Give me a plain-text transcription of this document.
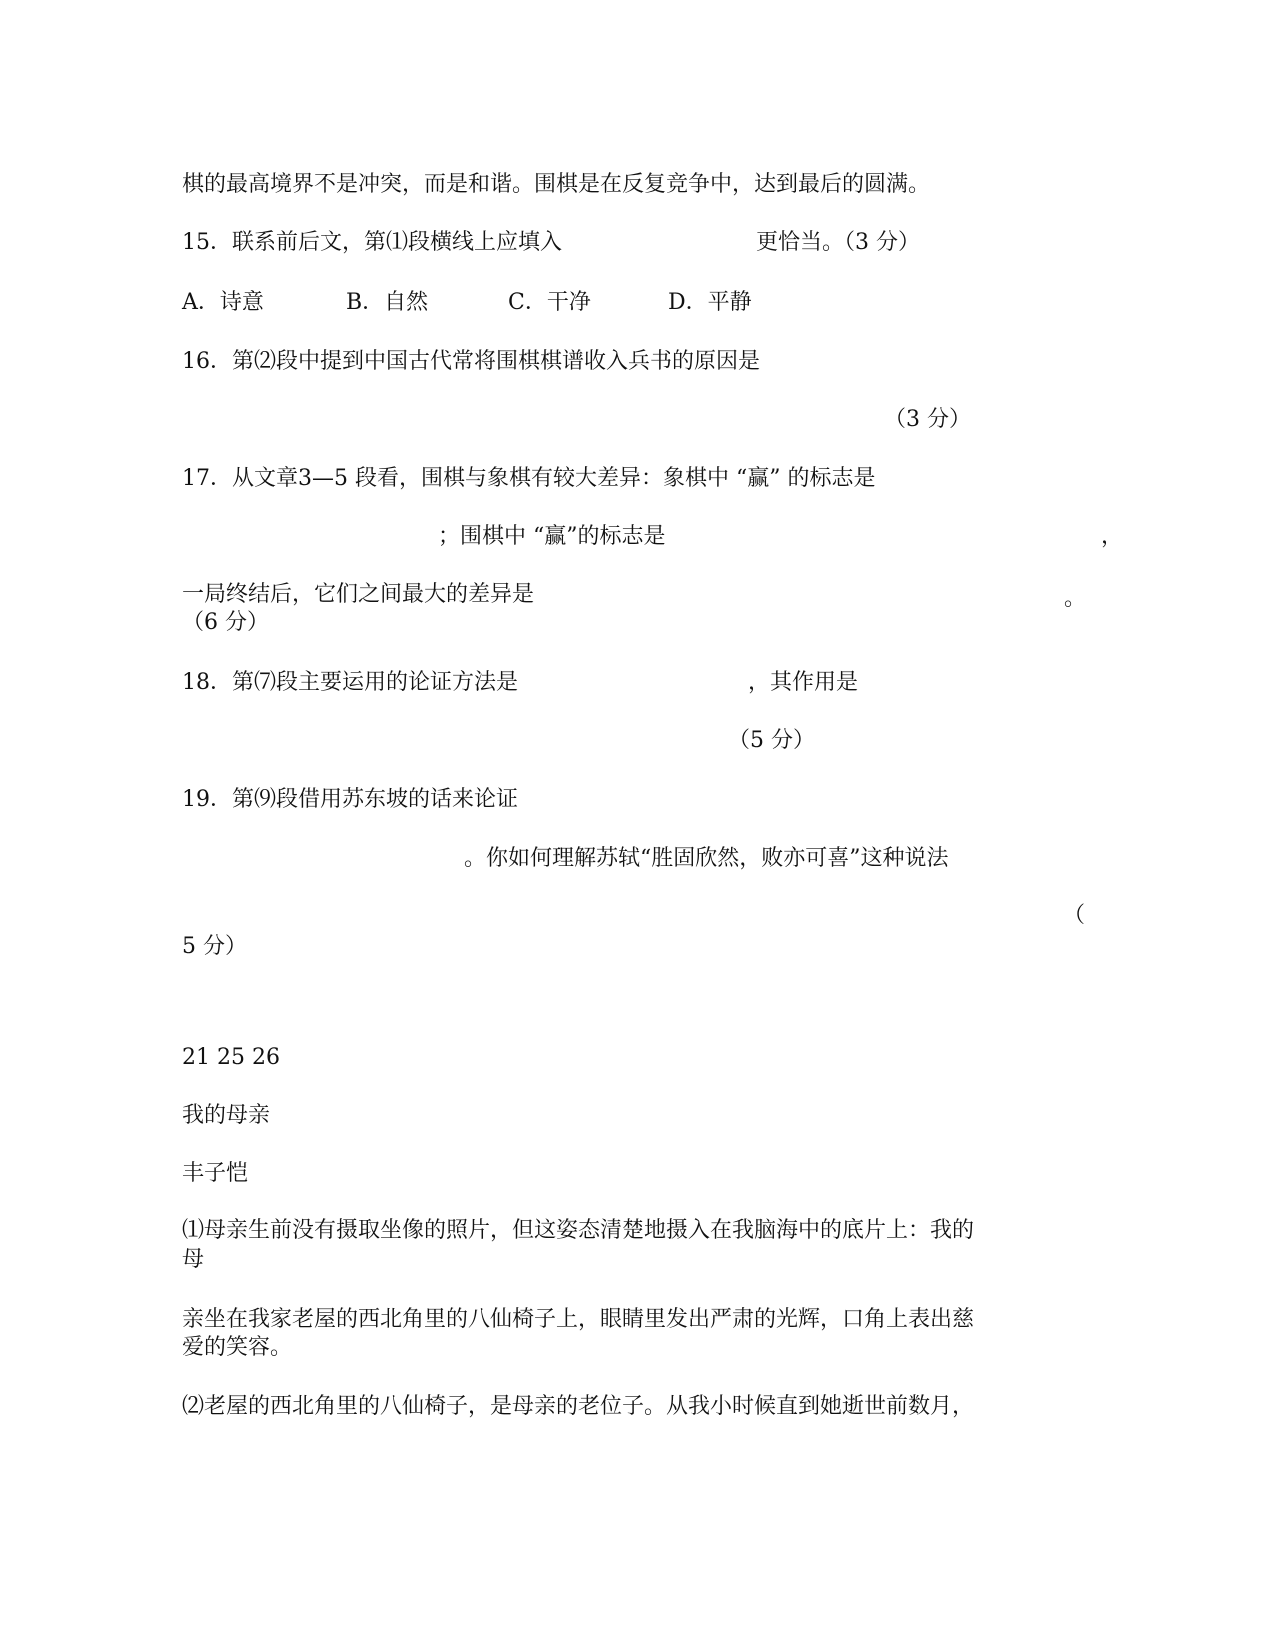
棋的最高境界不是冲突，而是和谐。围棋是在反复竞争中，达到最后的圆满。
15．联系前后文，第⑴段横线上应填入	更恰当。（3 分）
A．诗意	B．自然	C．干净	D．平静
16．第⑵段中提到中国古代常将围棋棋谱收入兵书的原因是
（3 分）
17．从文章3—5 段看，围棋与象棋有较大差异：象棋中 “赢” 的标志是
；围棋中 “赢”的标志是	，
一局终结后，它们之间最大的差异是	。
（6 分）
18．第⑺段主要运用的论证方法是	，其作用是
（5 分）
19．第⑼段借用苏东坡的话来论证
。你如何理解苏轼“胜固欣然，败亦可喜”这种说法
（
5 分）
21 25 26
我的母亲
丰子恺
⑴母亲生前没有摄取坐像的照片，但这姿态清楚地摄入在我脑海中的底片上：我的
母
亲坐在我家老屋的西北角里的八仙椅子上，眼睛里发出严肃的光辉，口角上表出慈
爱的笑容。
⑵老屋的西北角里的八仙椅子，是母亲的老位子。从我小时候直到她逝世前数月，
